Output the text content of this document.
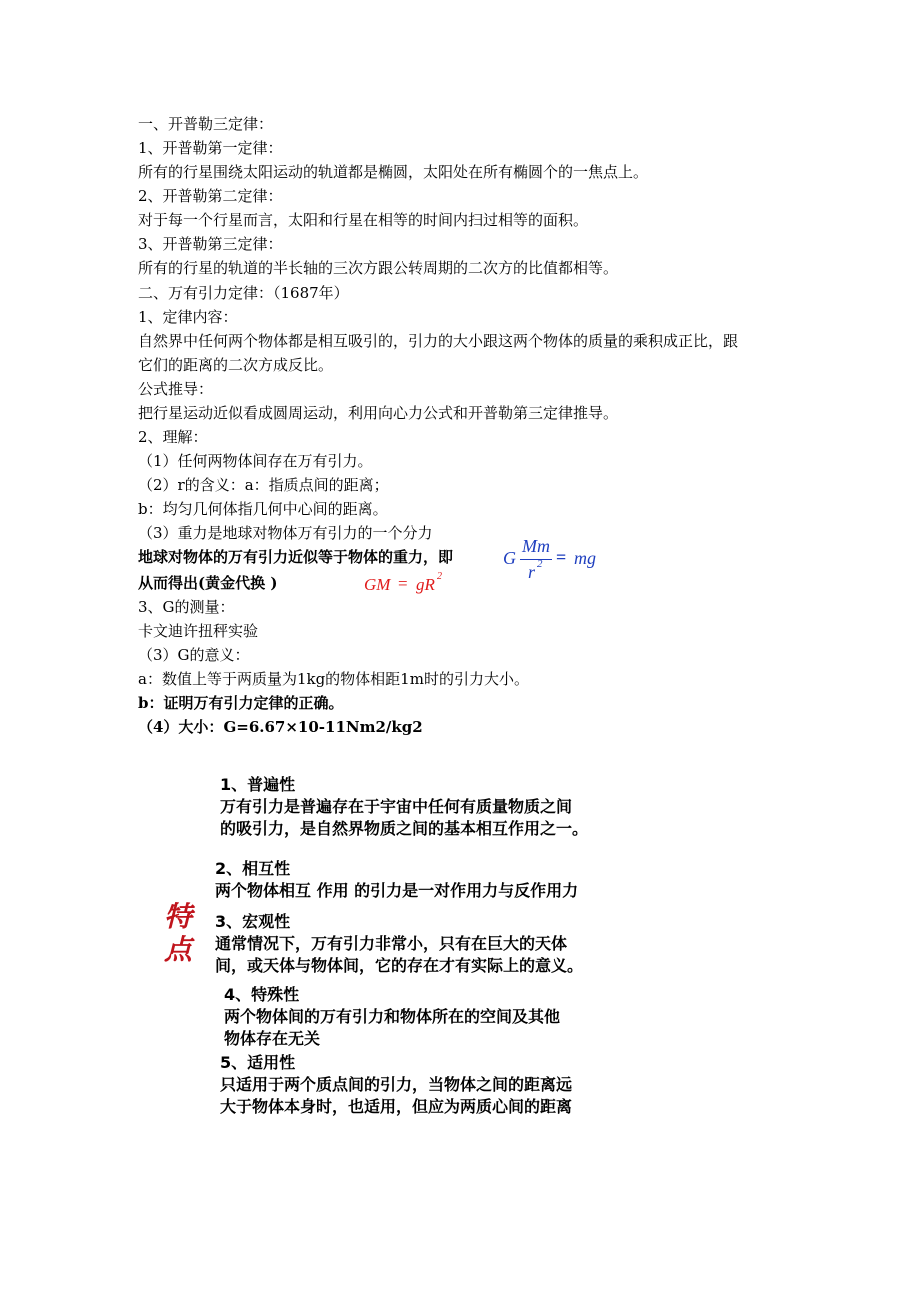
一、开普勒三定律：
1、开普勒第一定律：
所有的行星围绕太阳运动的轨道都是椭圆，太阳处在所有椭圆个的一焦点上。
2、开普勒第二定律：
对于每一个行星而言，太阳和行星在相等的时间内扫过相等的面积。
3、开普勒第三定律：
所有的行星的轨道的半长轴的三次方跟公转周期的二次方的比值都相等。
二、万有引力定律：（1687年）
1、定律内容：
自然界中任何两个物体都是相互吸引的，引力的大小跟这两个物体的质量的乘积成正比，跟
它们的距离的二次方成反比。
公式推导：
把行星运动近似看成圆周运动，利用向心力公式和开普勒第三定律推导。
2、理解：
（1）任何两物体间存在万有引力。
（2）r的含义：a：指质点间的距离；
b：均匀几何体指几何中心间的距离。
（3）重力是地球对物体万有引力的一个分力
地球对物体的万有引力近似等于物体的重力，即
从而得出(黄金代换 )
3、G的测量：
卡文迪许扭秤实验
（3）G的意义：
a：数值上等于两质量为1kg的物体相距1m时的引力大小。
b：证明万有引力定律的正确。
（4）大小：G=6.67×10-11Nm2/kg2
G
Mm
r 2 = mg
GM = gR 2
特
点
1、普遍性
万有引力是普遍存在于宇宙中任何有质量物质之间
的吸引力，是自然界物质之间的基本相互作用之一。
2、相互性
两个物体相互 作用 的引力是一对作用力与反作用力
3、宏观性
通常情况下，万有引力非常小，只有在巨大的天体
间，或天体与物体间，它的存在才有实际上的意义。
4、特殊性
两个物体间的万有引力和物体所在的空间及其他
物体存在无关
5、适用性
只适用于两个质点间的引力，当物体之间的距离远
大于物体本身时，也适用，但应为两质心间的距离
